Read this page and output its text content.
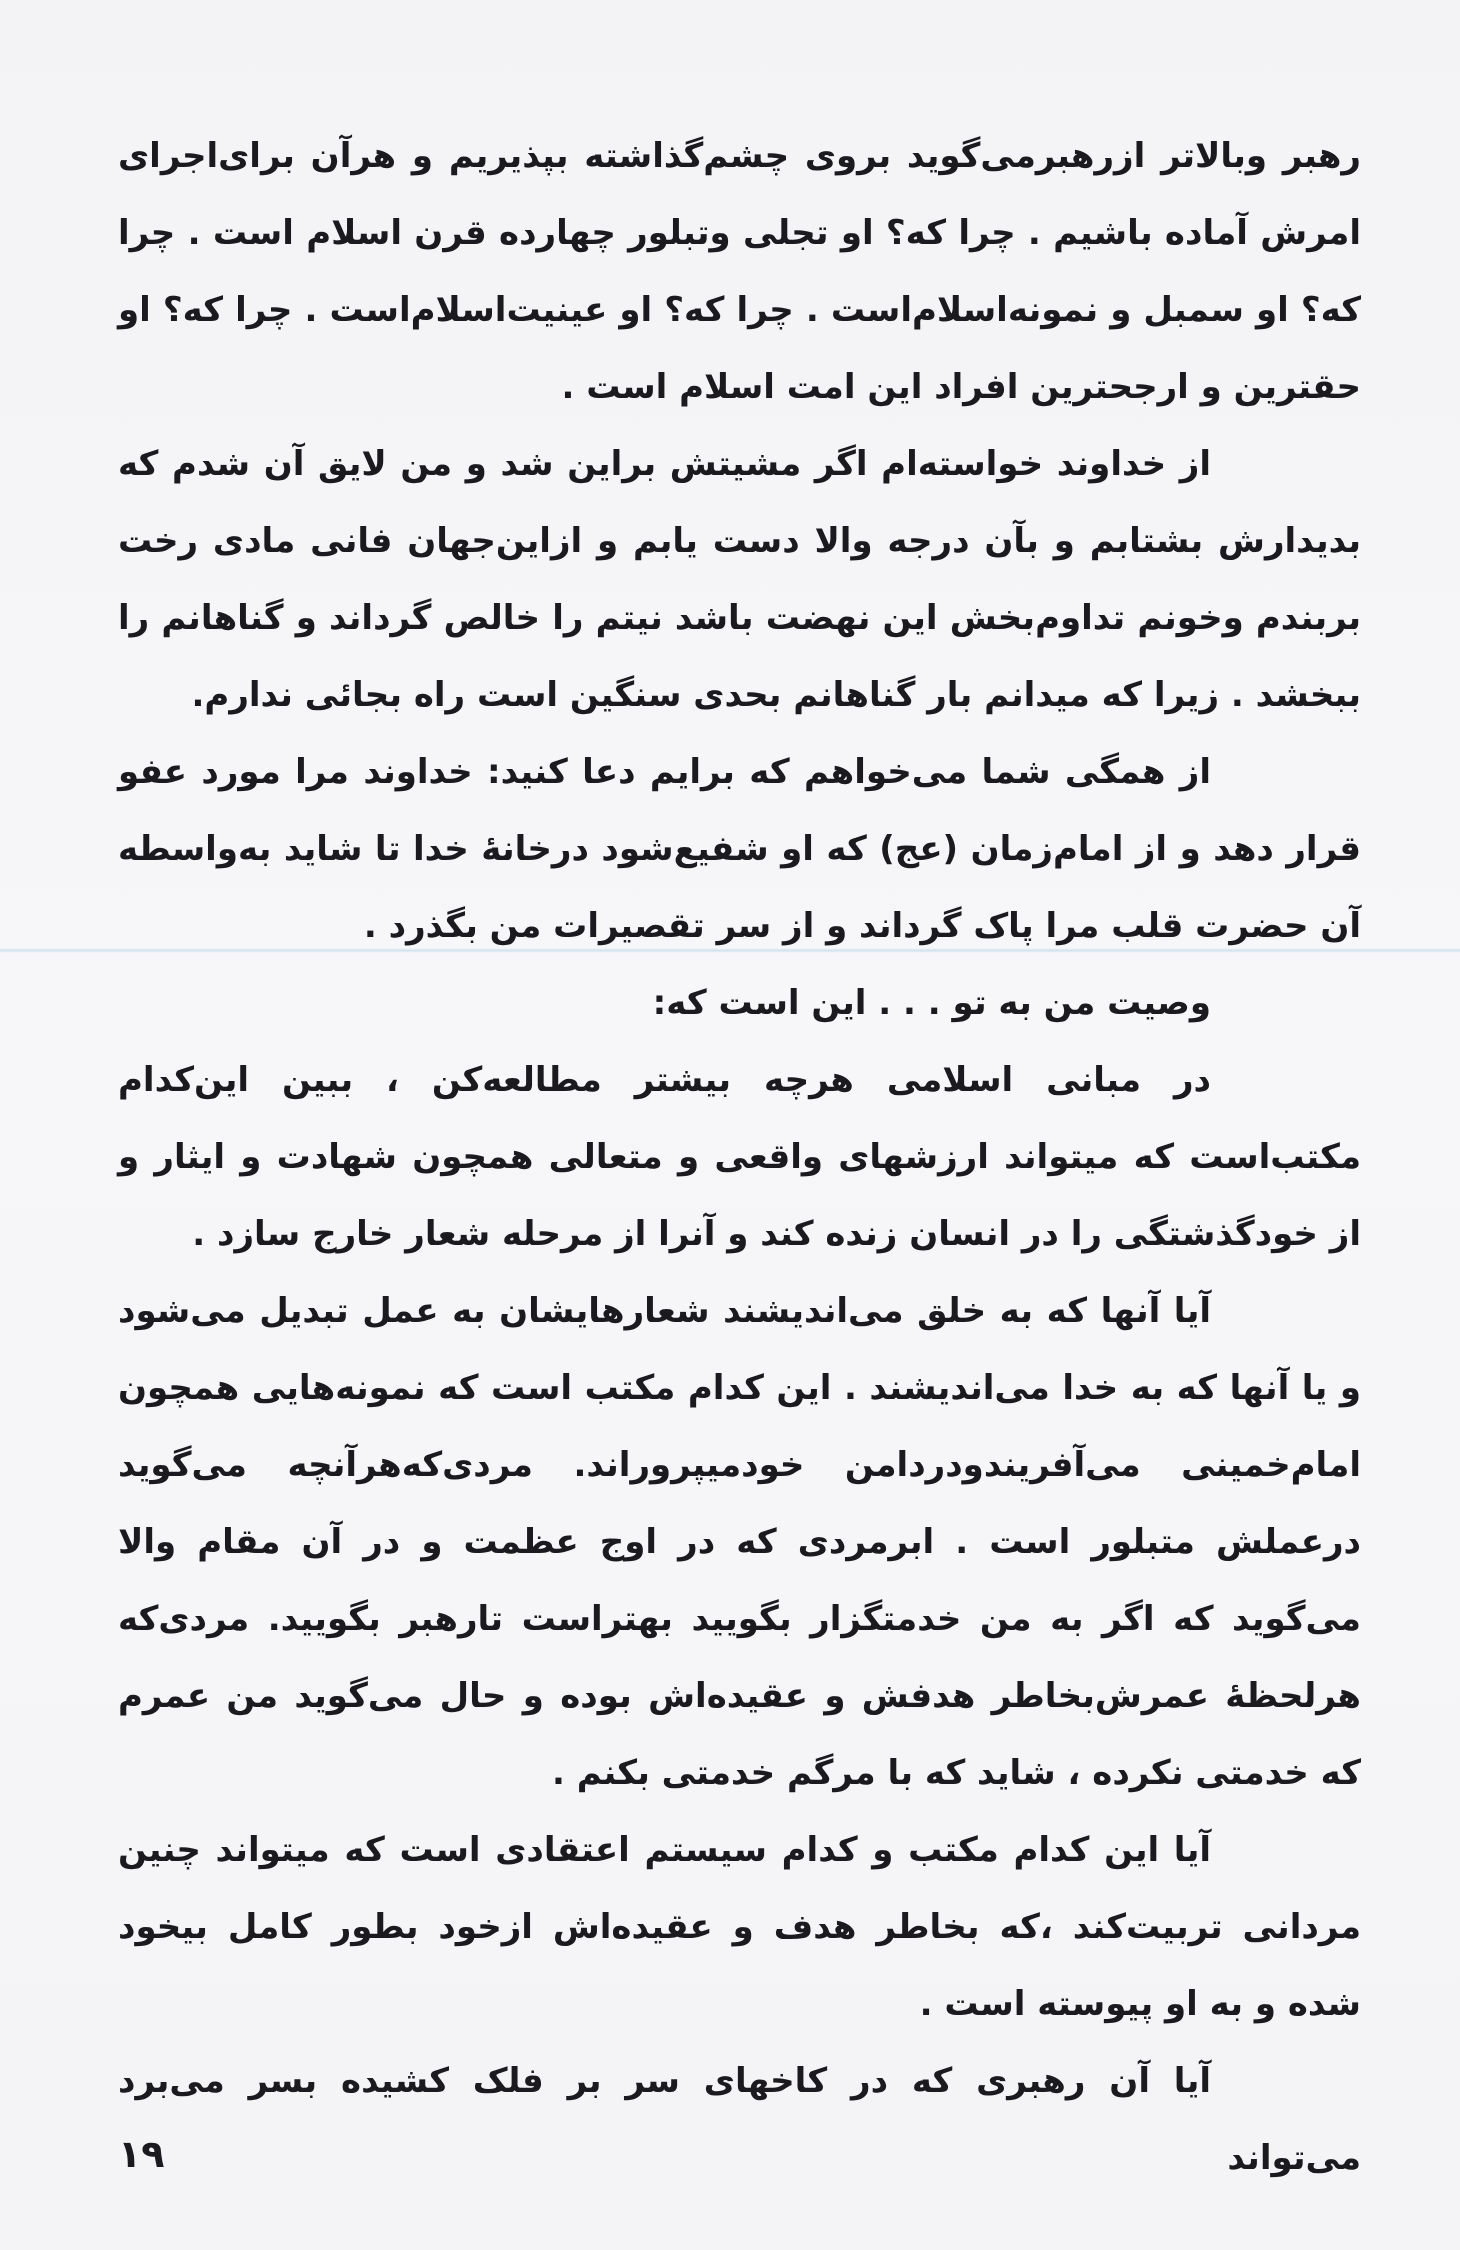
رهبر وبالاتر ازرهبرمی‌گوید بروی چشم‌گذاشته بپذیریم و هرآن برای‌اجرای امرش آماده باشیم . چرا که؟ او تجلی وتبلور چهارده قرن اسلام است . چرا که؟ او سمبل و نمونه‌اسلام‌است . چرا که؟ او عینیت‌اسلام‌است . چرا که؟ او حقترین و ارجحترین افراد این امت اسلام است .

از خداوند خواسته‌ام اگر مشیتش براین شد و من لایق آن شدم که بدیدارش بشتابم و بآن درجه والا دست یابم و ازاین‌جهان فانی مادی رخت بربندم وخونم تداوم‌بخش این نهضت باشد نیتم را خالص گرداند و گناهانم را ببخشد . زیرا که میدانم بار گناهانم بحدی سنگین است راه بجائی ندارم.

از همگی شما می‌خواهم که برایم دعا کنید: خداوند مرا مورد عفو قرار دهد و از امام‌زمان (عج) که او شفیع‌شود درخانهٔ خدا تا شاید به‌واسطه آن حضرت قلب مرا پاک گرداند و از سر تقصیرات من بگذرد .

وصیت من به تو . . . این است که:

در مبانی اسلامی هرچه بیشتر مطالعه‌کن ، ببین این‌کدام مکتب‌است که میتواند ارزشهای واقعی و متعالی همچون شهادت و ایثار و از خودگذشتگی را در انسان زنده کند و آنرا از مرحله شعار خارج سازد .

آیا آنها که به خلق می‌اندیشند شعارهایشان به عمل تبدیل می‌شود و یا آنها که به خدا می‌اندیشند . این کدام مکتب است که نمونه‌هایی همچون امام‌خمینی می‌آفریندودردامن خودمیپروراند. مردی‌که‌هرآنچه می‌گوید درعملش متبلور است . ابرمردی که در اوج عظمت و در آن مقام والا می‌گوید که اگر به من خدمتگزار بگویید بهتراست تارهبر بگویید. مردی‌که هرلحظهٔ عمرش‌بخاطر هدفش و عقیده‌اش بوده و حال می‌گوید من عمرم که خدمتی نکرده ، شاید که با مرگم خدمتی بکنم .

آیا این کدام مکتب و کدام سیستم اعتقادی است که میتواند چنین مردانی تربیت‌کند ،که بخاطر هدف و عقیده‌اش ازخود بطور کامل بیخود شده و به او پیوسته است .

آیا آن رهبری که در کاخهای سر بر فلک کشیده بسر می‌برد می‌تواند

۱۹
